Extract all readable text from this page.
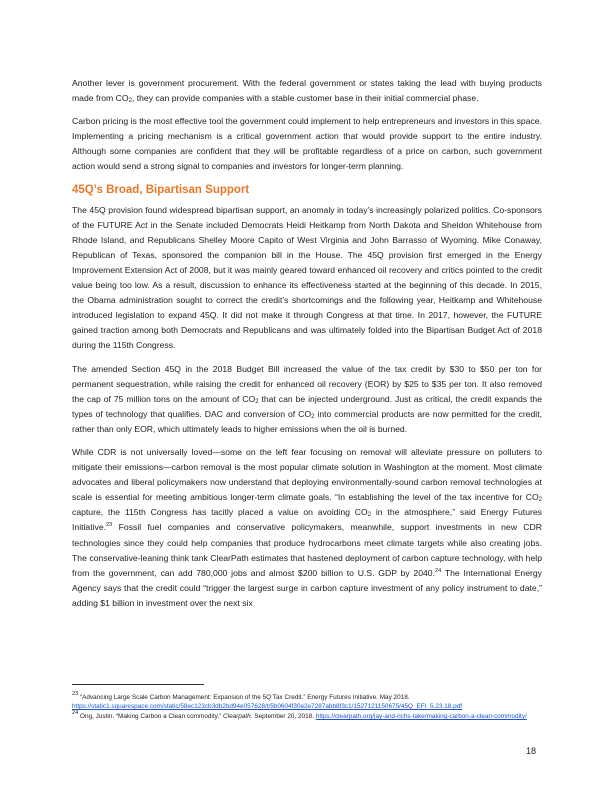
Another lever is government procurement. With the federal government or states taking the lead with buying products made from $CO_2$, they can provide companies with a stable customer base in their initial commercial phase.

Carbon pricing is the most effective tool the government could implement to help entrepreneurs and investors in this space. Implementing a pricing mechanism is a critical government action that would provide support to the entire industry. Although some companies are confident that they will be profitable regardless of a price on carbon, such government action would send a strong signal to companies and investors for longer-term planning.

45Q’s Broad, Bipartisan Support

The 45Q provision found widespread bipartisan support, an anomaly in today’s increasingly polarized politics. Co-sponsors of the FUTURE Act in the Senate included Democrats Heidi Heitkamp from North Dakota and Sheldon Whitehouse from Rhode Island, and Republicans Shelley Moore Capito of West Virginia and John Barrasso of Wyoming. Mike Conaway, Republican of Texas, sponsored the companion bill in the House. The 45Q provision first emerged in the Energy Improvement Extension Act of 2008, but it was mainly geared toward enhanced oil recovery and critics pointed to the credit value being too low. As a result, discussion to enhance its effectiveness started at the beginning of this decade. In 2015, the Obama administration sought to correct the credit’s shortcomings and the following year, Heitkamp and Whitehouse introduced legislation to expand 45Q. It did not make it through Congress at that time. In 2017, however, the FUTURE gained traction among both Democrats and Republicans and was ultimately folded into the Bipartisan Budget Act of 2018 during the 115th Congress.

The amended Section 45Q in the 2018 Budget Bill increased the value of the tax credit by $30 to $50 per ton for permanent sequestration, while raising the credit for enhanced oil recovery (EOR) by $25 to $35 per ton. It also removed the cap of 75 million tons on the amount of $CO_2$ that can be injected underground. Just as critical, the credit expands the types of technology that qualifies. DAC and conversion of $CO_2$ into commercial products are now permitted for the credit, rather than only EOR, which ultimately leads to higher emissions when the oil is burned.

While CDR is not universally loved—some on the left fear focusing on removal will alleviate pressure on polluters to mitigate their emissions—carbon removal is the most popular climate solution in Washington at the moment. Most climate advocates and liberal policymakers now understand that deploying environmentally-sound carbon removal technologies at scale is essential for meeting ambitious longer-term climate goals. “In establishing the level of the tax incentive for $CO_2$ capture, the 115th Congress has tacitly placed a value on avoiding $CO_2$ in the atmosphere,” said Energy Futures Initiative.$^{23}$ Fossil fuel companies and conservative policymakers, meanwhile, support investments in new CDR technologies since they could help companies that produce hydrocarbons meet climate targets while also creating jobs. The conservative-leaning think tank ClearPath estimates that hastened deployment of carbon capture technology, with help from the government, can add 780,000 jobs and almost $200 billion to U.S. GDP by 2040.24 The International Energy Agency says that the credit could “trigger the largest surge in carbon capture investment of any policy instrument to date,” adding $1 billion in investment over the next six

$^{23}$ “Advancing Large Scale Carbon Management: Expansion of the 5Q Tax Credit.” Energy Futures Initiative. May 2018.
https://static1.squarespace.com/static/58ec123cb3db2bd94e057628/t/5b0604f30e2e7287abb8f3c1/1527121150675/45Q_EFI_5.23.18.pdf

$^{24}$ Ong, Justin. “Making Carbon a Clean commodity.” Clearpath. September 20, 2018. https://clearpath.org/jay-and-richs-take/making-carbon-a-clean-commodity/

18
